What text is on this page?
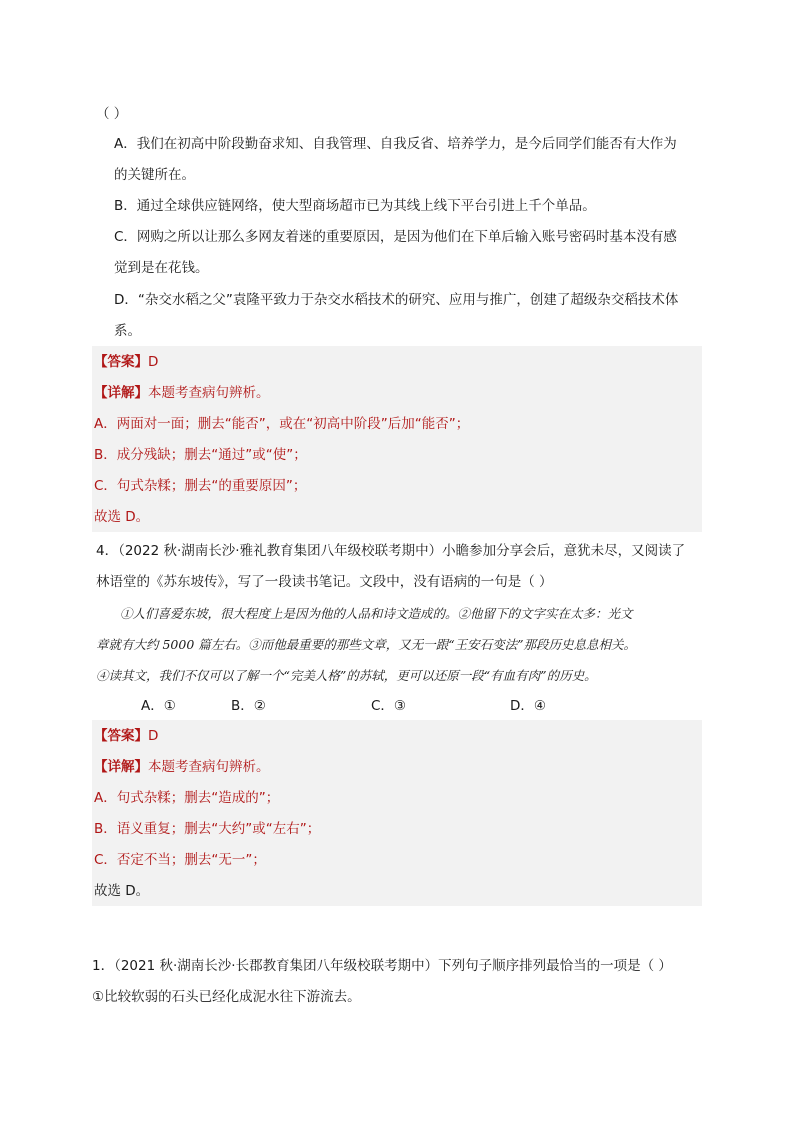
（ ）
A．我们在初高中阶段勤奋求知、自我管理、自我反省、培养学力，是今后同学们能否有大作为
的关键所在。
B．通过全球供应链网络，使大型商场超市已为其线上线下平台引进上千个单品。
C．网购之所以让那么多网友着迷的重要原因，是因为他们在下单后输入账号密码时基本没有感
觉到是在花钱。
D．“杂交水稻之父”袁隆平致力于杂交水稻技术的研究、应用与推广，创建了超级杂交稻技术体
系。
【答案】D
【详解】本题考查病句辨析。
A．两面对一面；删去“能否”，或在“初高中阶段”后加“能否”；
B．成分残缺；删去“通过”或“使”；
C．句式杂糅；删去“的重要原因”；
故选 D。
4．（2022 秋·湖南长沙·雅礼教育集团八年级校联考期中）小瞻参加分享会后，意犹未尽，又阅读了
林语堂的《苏东坡传》，写了一段读书笔记。文段中，没有语病的一句是（ ）
①人们喜爱东坡，很大程度上是因为他的人品和诗文造成的。②他留下的文字实在太多：光文
章就有大约 5000 篇左右。③而他最重要的那些文章，又无一跟“王安石变法”那段历史息息相关。
④读其文，我们不仅可以了解一个“完美人格”的苏轼，更可以还原一段“有血有肉”的历史。
A．①	B．②	C．③	D．④
【答案】D
【详解】本题考查病句辨析。
A．句式杂糅；删去“造成的”；
B．语义重复；删去“大约”或“左右”；
C．否定不当；删去“无一”；
故选 D。
1．（2021 秋·湖南长沙·长郡教育集团八年级校联考期中）下列句子顺序排列最恰当的一项是（ ）
①比较软弱的石头已经化成泥水往下游流去。
